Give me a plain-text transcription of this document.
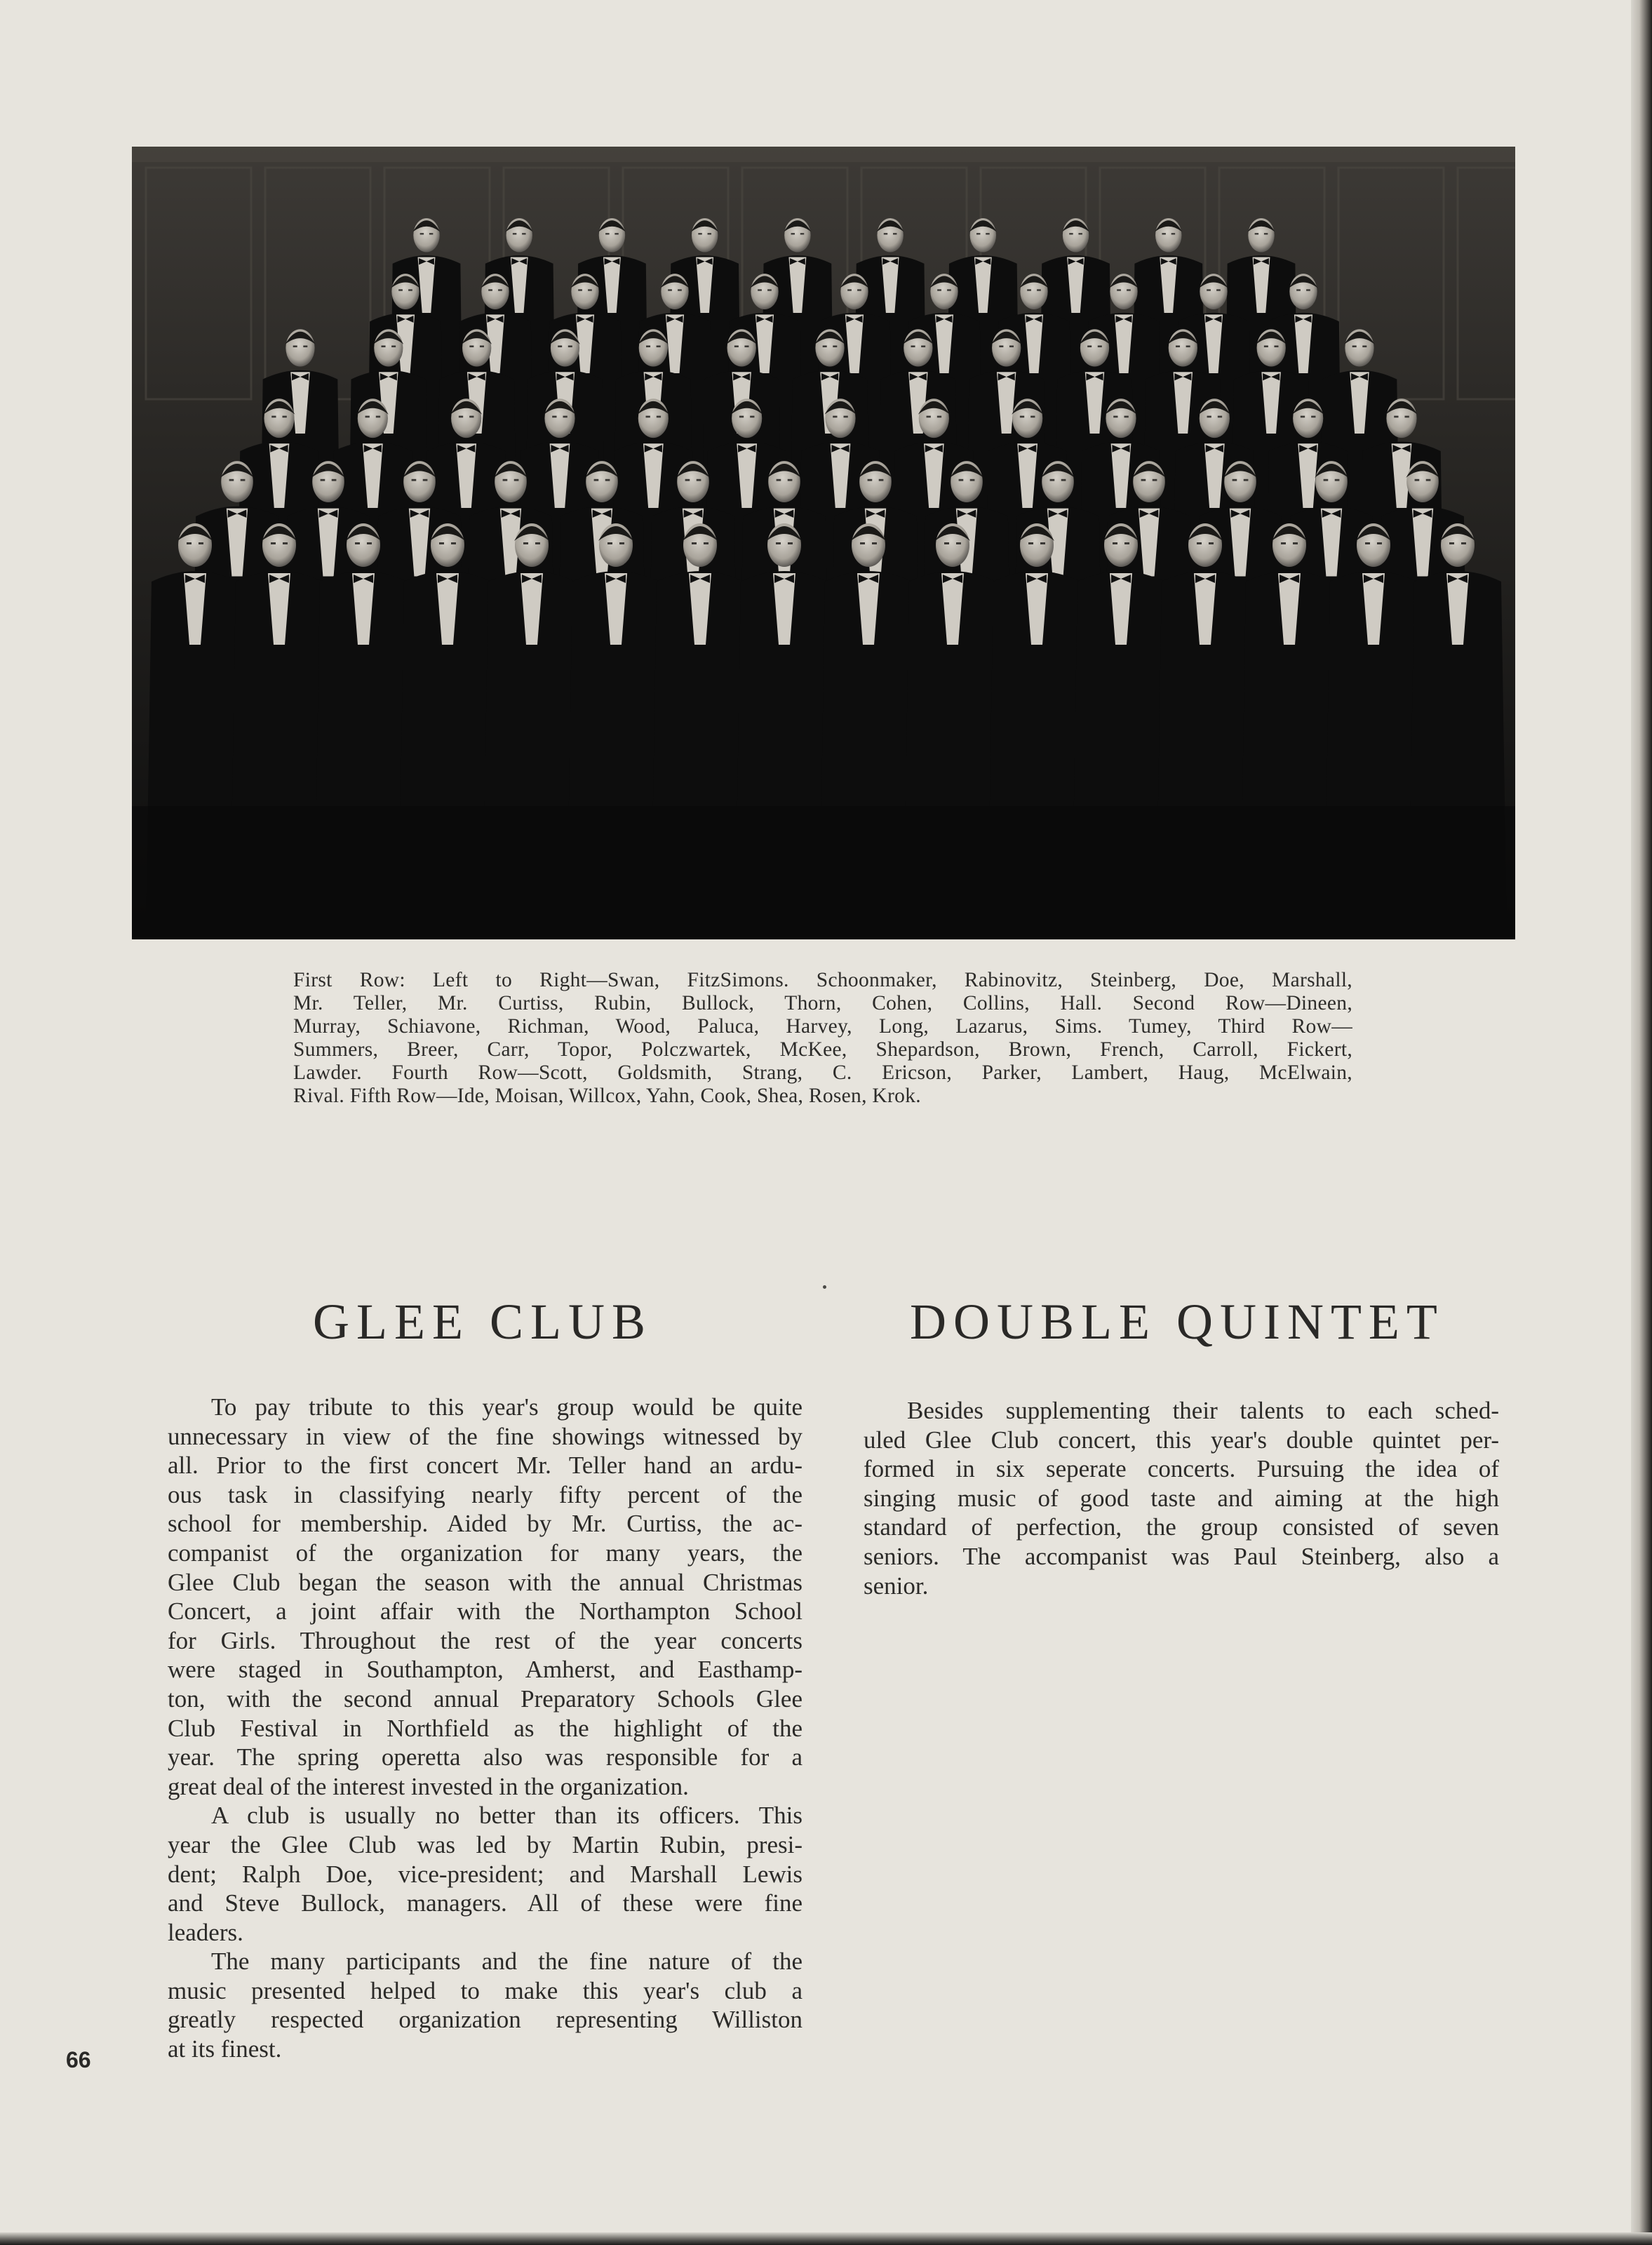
First Row: Left to Right—Swan, FitzSimons. Schoonmaker, Rabinovitz, Steinberg, Doe, Marshall,
Mr. Teller, Mr. Curtiss, Rubin, Bullock, Thorn, Cohen, Collins, Hall. Second Row—Dineen,
Murray, Schiavone, Richman, Wood, Paluca, Harvey, Long, Lazarus, Sims. Tumey, Third Row—
Summers, Breer, Carr, Topor, Polczwartek, McKee, Shepardson, Brown, French, Carroll, Fickert,
Lawder. Fourth Row—Scott, Goldsmith, Strang, C. Ericson, Parker, Lambert, Haug, McElwain,
Rival. Fifth Row—Ide, Moisan, Willcox, Yahn, Cook, Shea, Rosen, Krok.
GLEE CLUB	DOUBLE QUINTET
To pay tribute to this year's group would be quite
unnecessary in view of the fine showings witnessed by
all. Prior to the first concert Mr. Teller hand an ardu-
ous task in classifying nearly fifty percent of the
school for membership. Aided by Mr. Curtiss, the ac-
companist of the organization for many years, the
Glee Club began the season with the annual Christmas
Concert, a joint affair with the Northampton School
for Girls. Throughout the rest of the year concerts
were staged in Southampton, Amherst, and Easthamp-
ton, with the second annual Preparatory Schools Glee
Club Festival in Northfield as the highlight of the
year. The spring operetta also was responsible for a
great deal of the interest invested in the organization.
A club is usually no better than its officers. This
year the Glee Club was led by Martin Rubin, presi-
dent; Ralph Doe, vice-president; and Marshall Lewis
and Steve Bullock, managers. All of these were fine
leaders.
The many participants and the fine nature of the
music presented helped to make this year's club a
greatly respected organization representing Williston
at its finest.
Besides supplementing their talents to each sched-
uled Glee Club concert, this year's double quintet per-
formed in six seperate concerts. Pursuing the idea of
singing music of good taste and aiming at the high
standard of perfection, the group consisted of seven
seniors. The accompanist was Paul Steinberg, also a
senior.
66
